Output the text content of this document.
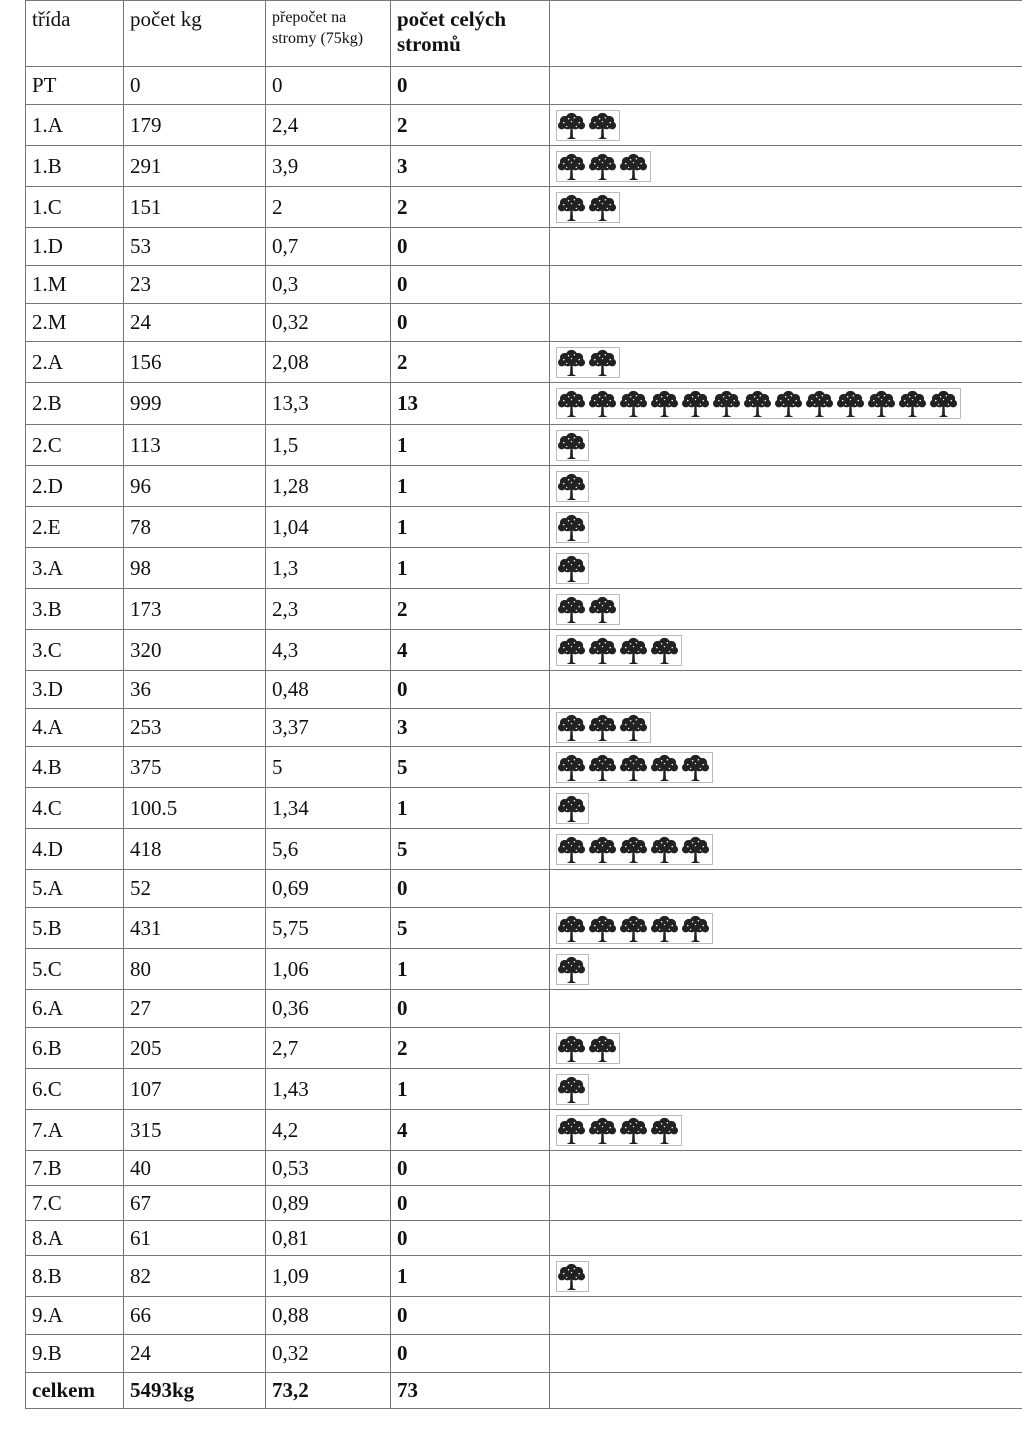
třída	počet kg	přepočet na stromy (75kg)	počet celých stromů	
PT	0	0	0	
1.A	179	2,4	2	

1.B	291	3,9	3	

1.C	151	2	2	

1.D	53	0,7	0	
1.M	23	0,3	0	
2.M	24	0,32	0	
2.A	156	2,08	2	

2.B	999	13,3	13	

2.C	113	1,5	1	

2.D	96	1,28	1	

2.E	78	1,04	1	

3.A	98	1,3	1	

3.B	173	2,3	2	

3.C	320	4,3	4	

3.D	36	0,48	0	
4.A	253	3,37	3	

4.B	375	5	5	

4.C	100.5	1,34	1	

4.D	418	5,6	5	

5.A	52	0,69	0	
5.B	431	5,75	5	

5.C	80	1,06	1	

6.A	27	0,36	0	
6.B	205	2,7	2	

6.C	107	1,43	1	

7.A	315	4,2	4	

7.B	40	0,53	0	
7.C	67	0,89	0	
8.A	61	0,81	0	
8.B	82	1,09	1	

9.A	66	0,88	0	
9.B	24	0,32	0	
celkem	5493kg	73,2	73	
